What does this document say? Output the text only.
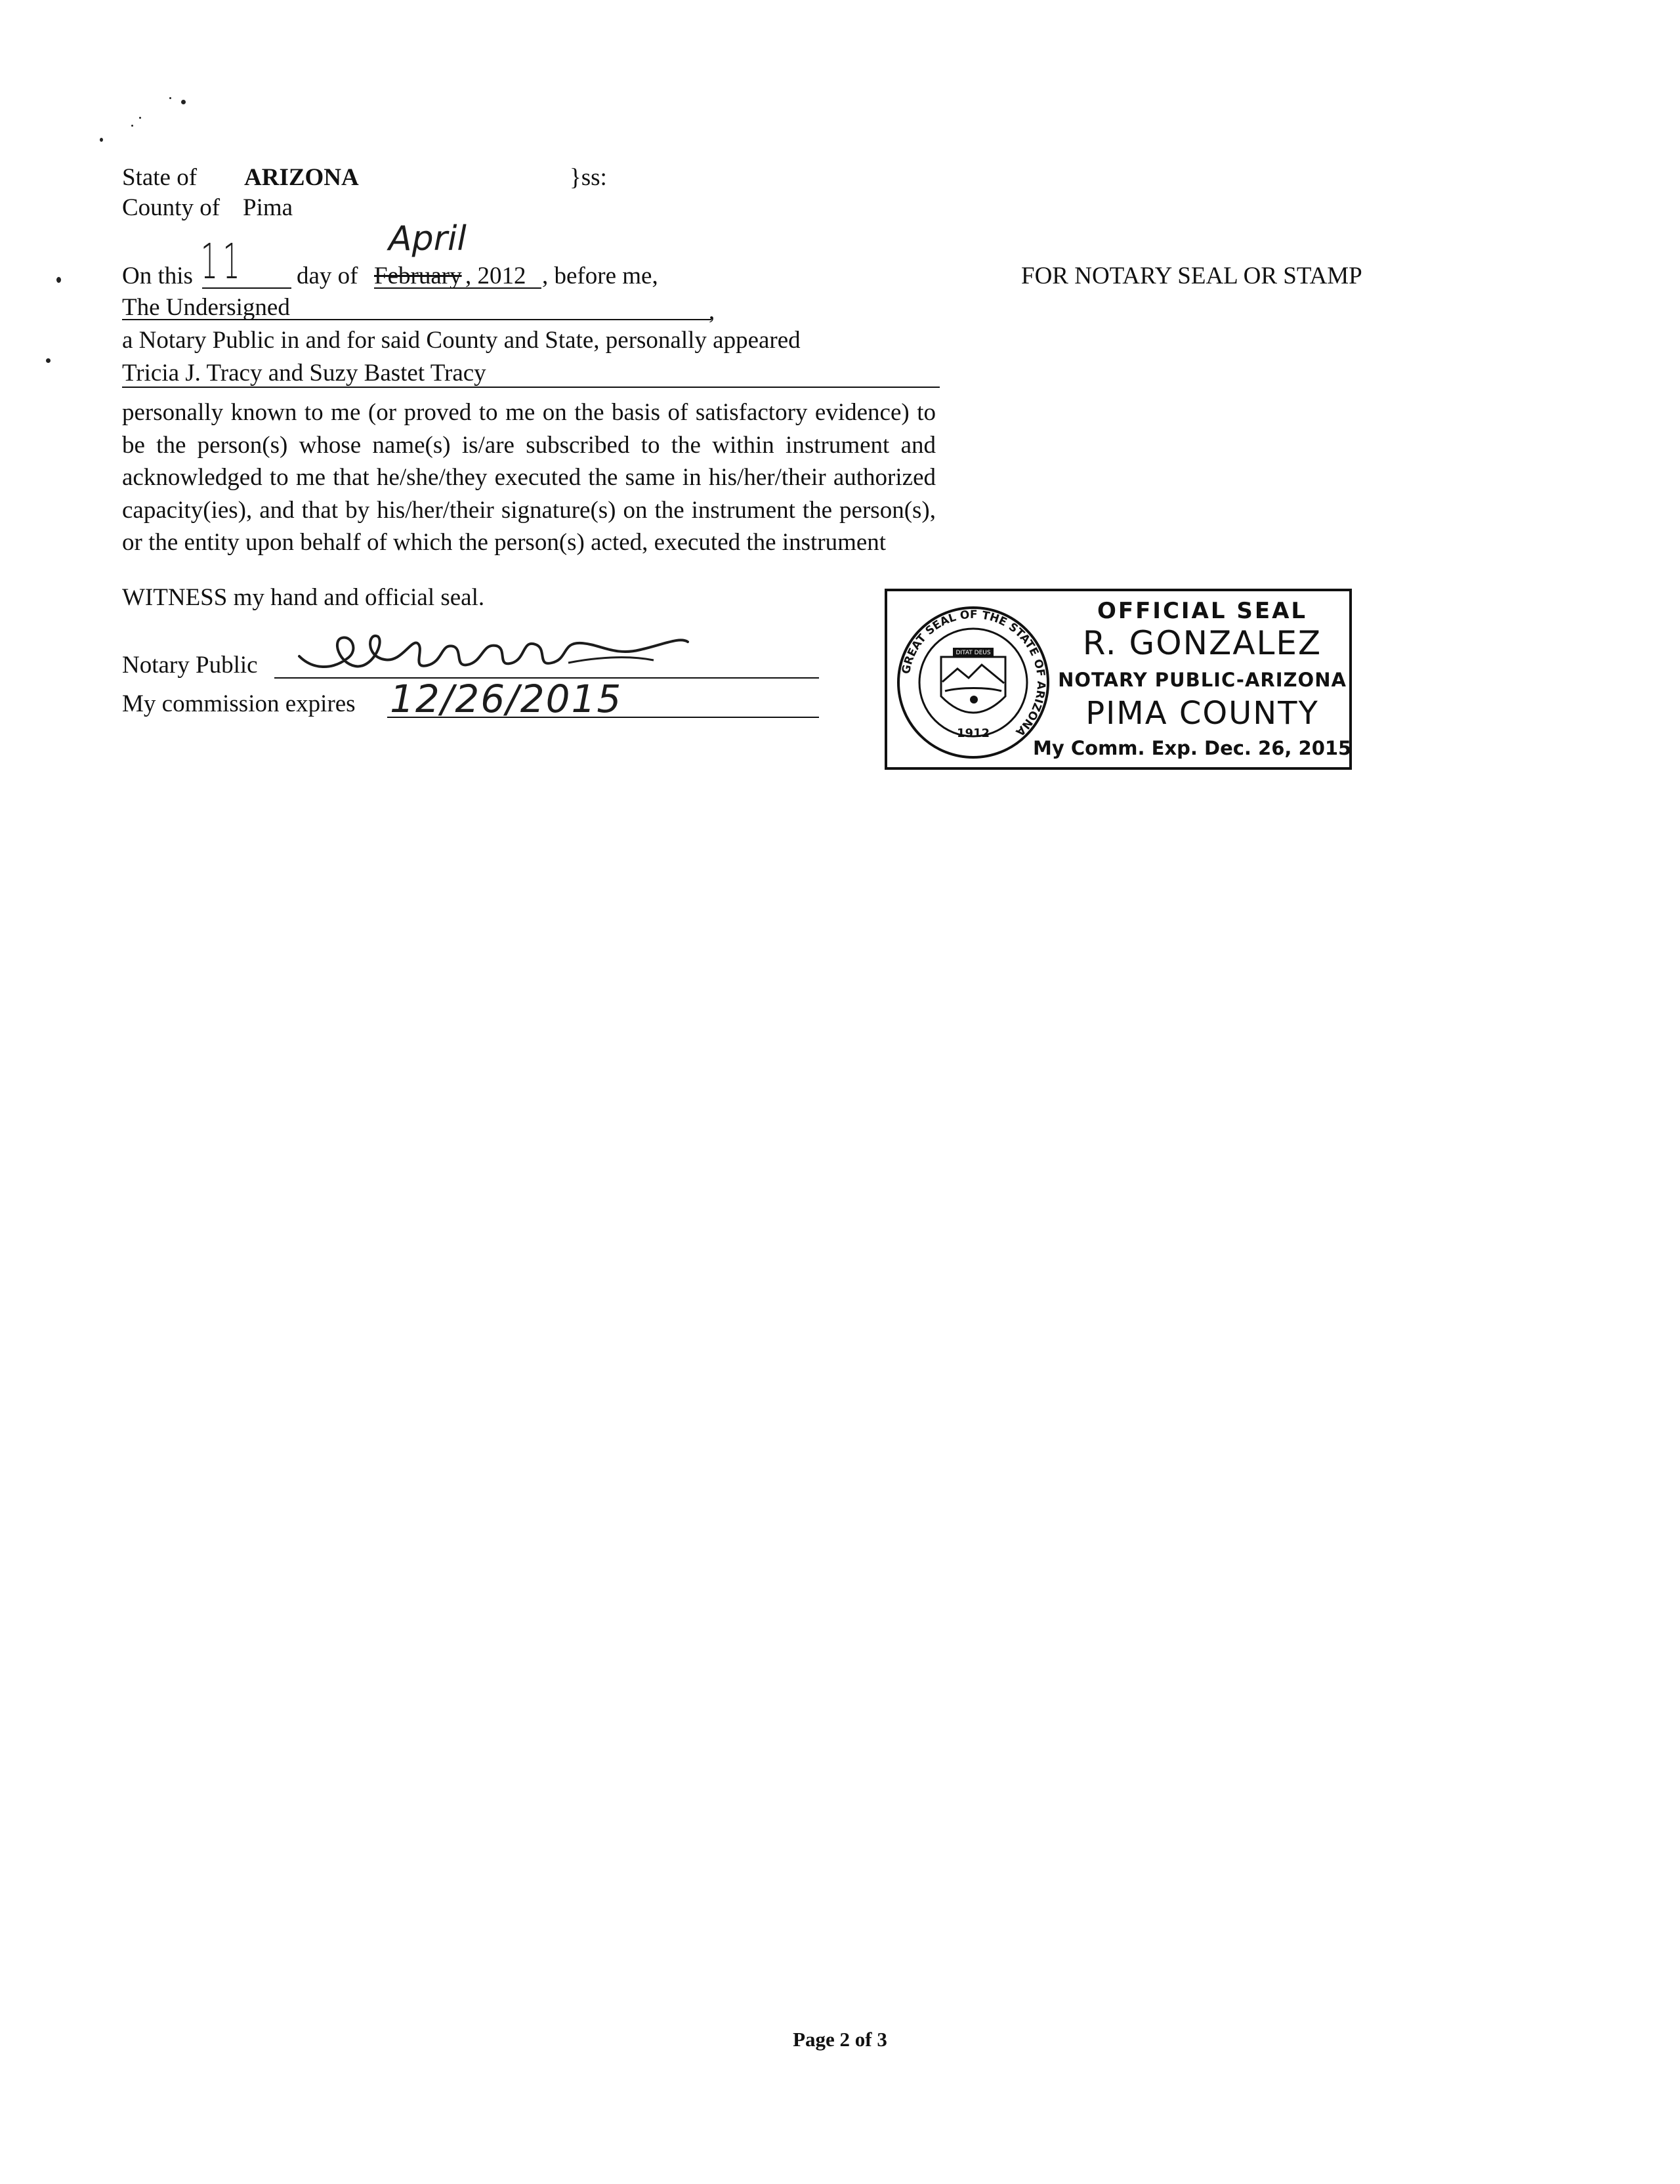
State of ARIZONA	}ss:
County of Pima
On this 11 day of February , 2012 , before me,
April
FOR NOTARY SEAL OR STAMP
The Undersigned	,
a Notary Public in and for said County and State, personally appeared
Tricia J. Tracy and Suzy Bastet Tracy
personally known to me (or proved to me on the basis of satisfactory evidence) to be the person(s) whose name(s) is/are subscribed to the within instrument and acknowledged to me that he/she/they executed the same in his/her/their authorized capacity(ies), and that by his/her/their signature(s) on the instrument the person(s), or the entity upon behalf of which the person(s) acted, executed the instrument
WITNESS my hand and official seal.
Notary Public
My commission expires 12/26/2015
GREAT SEAL OF THE STATE OF ARIZONA
1912
DITAT DEUS
OFFICIAL SEAL
R. GONZALEZ
NOTARY PUBLIC-ARIZONA
PIMA COUNTY
My Comm. Exp. Dec. 26, 2015
Page 2 of 3
